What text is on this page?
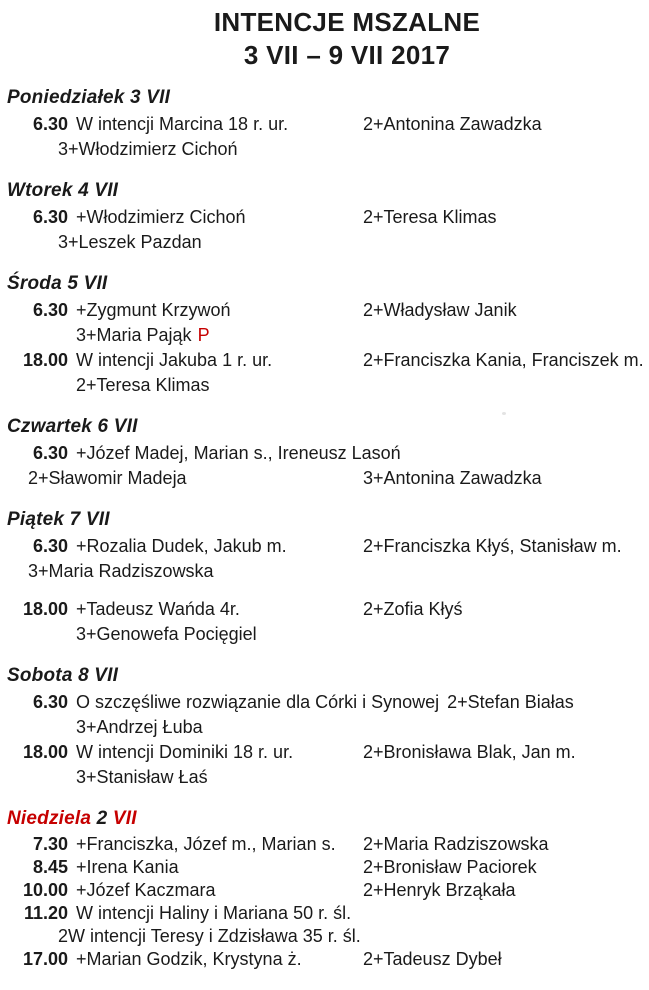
INTENCJE MSZALNE
3 VII – 9 VII 2017
Poniedziałek 3 VII
6.30 W intencji Marcina 18 r. ur.	2+Antonina Zawadzka
3+Włodzimierz Cichoń
Wtorek 4 VII
6.30 +Włodzimierz Cichoń	2+Teresa Klimas
3+Leszek Pazdan
Środa 5 VII
6.30 +Zygmunt Krzywoń	2+Władysław Janik
3+Maria Pająk P
18.00 W intencji Jakuba 1 r. ur.	2+Franciszka Kania, Franciszek m.
2+Teresa Klimas
Czwartek 6 VII
6.30 +Józef Madej, Marian s., Ireneusz Lasoń
2+Sławomir Madeja	3+Antonina Zawadzka
Piątek 7 VII
6.30 +Rozalia Dudek, Jakub m.	2+Franciszka Kłyś, Stanisław m.
3+Maria Radziszowska
18.00 +Tadeusz Wańda 4r.	2+Zofia Kłyś
3+Genowefa Pocięgiel
Sobota 8 VII
6.30 O szczęśliwe rozwiązanie dla Córki i Synowej 2+Stefan Białas
3+Andrzej Łuba
18.00 W intencji Dominiki 18 r. ur.	2+Bronisława Blak, Jan m.
3+Stanisław Łaś
Niedziela 2 VII
7.30 +Franciszka, Józef m., Marian s.	2+Maria Radziszowska
8.45 +Irena Kania	2+Bronisław Paciorek
10.00 +Józef Kaczmara	2+Henryk Brząkała
11.20 W intencji Haliny i Mariana 50 r. śl.
2W intencji Teresy i Zdzisława 35 r. śl.
17.00 +Marian Godzik, Krystyna ż.	2+Tadeusz Dybeł
